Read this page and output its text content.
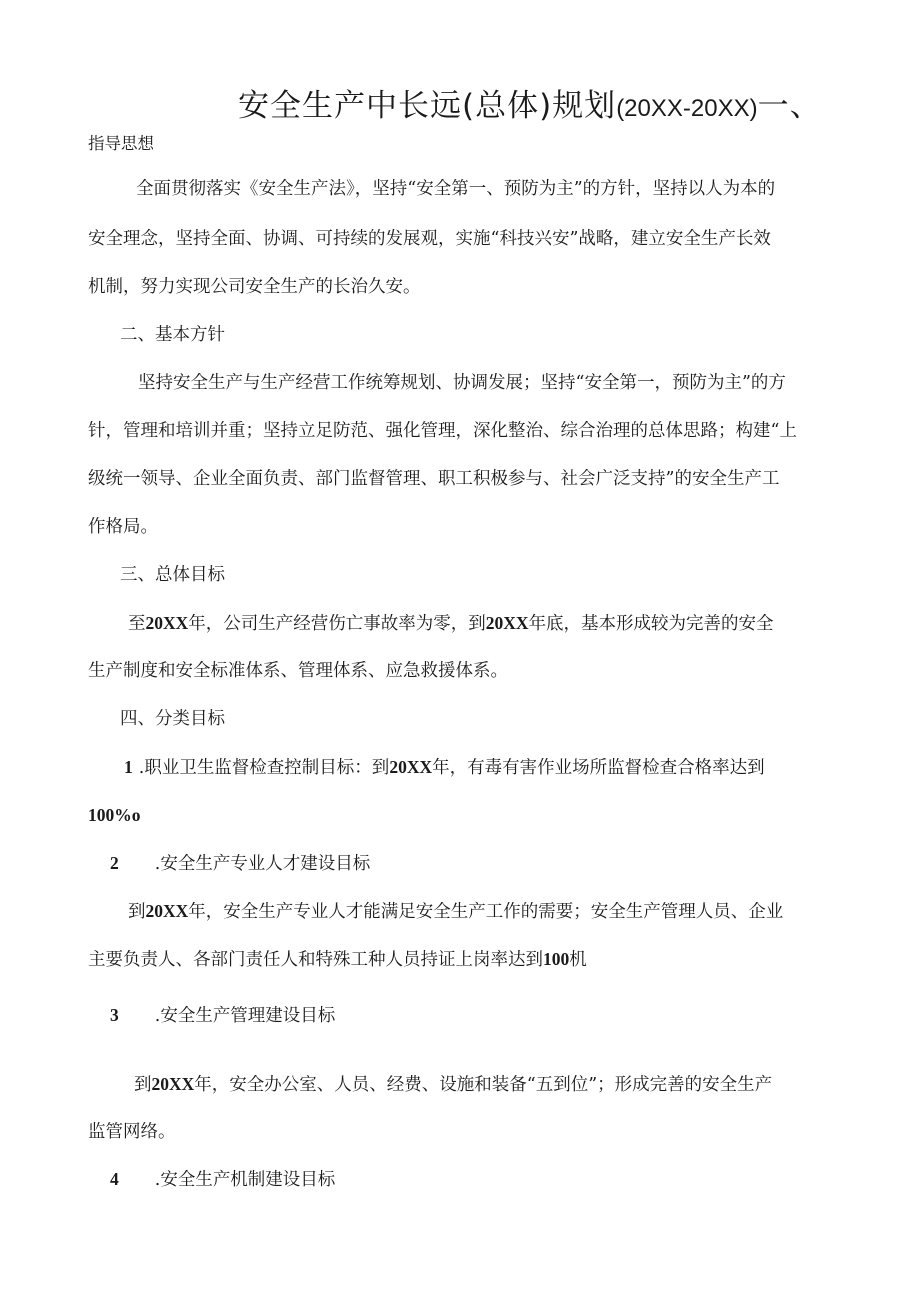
安全生产中长远(总体)规划(20XX-20XX)一、
指导思想
全面贯彻落实《安全生产法》，坚持“安全第一、预防为主”的方针，坚持以人为本的
安全理念，坚持全面、协调、可持续的发展观，实施“科技兴安”战略，建立安全生产长效
机制，努力实现公司安全生产的长治久安。
二、基本方针
坚持安全生产与生产经营工作统筹规划、协调发展；坚持“安全第一，预防为主”的方
针，管理和培训并重；坚持立足防范、强化管理，深化整治、综合治理的总体思路；构建“上
级统一领导、企业全面负责、部门监督管理、职工积极参与、社会广泛支持”的安全生产工
作格局。
三、总体目标
至20XX年，公司生产经营伤亡事故率为零，到20XX年底，基本形成较为完善的安全
生产制度和安全标准体系、管理体系、应急救援体系。
四、分类目标
1 .职业卫生监督检查控制目标：到20XX年，有毒有害作业场所监督检查合格率达到
100%o
2 .安全生产专业人才建设目标
到20XX年，安全生产专业人才能满足安全生产工作的需要；安全生产管理人员、企业
主要负责人、各部门责任人和特殊工种人员持证上岗率达到100机
3 .安全生产管理建设目标
到20XX年，安全办公室、人员、经费、设施和装备“五到位”；形成完善的安全生产
监管网络。
4 .安全生产机制建设目标
